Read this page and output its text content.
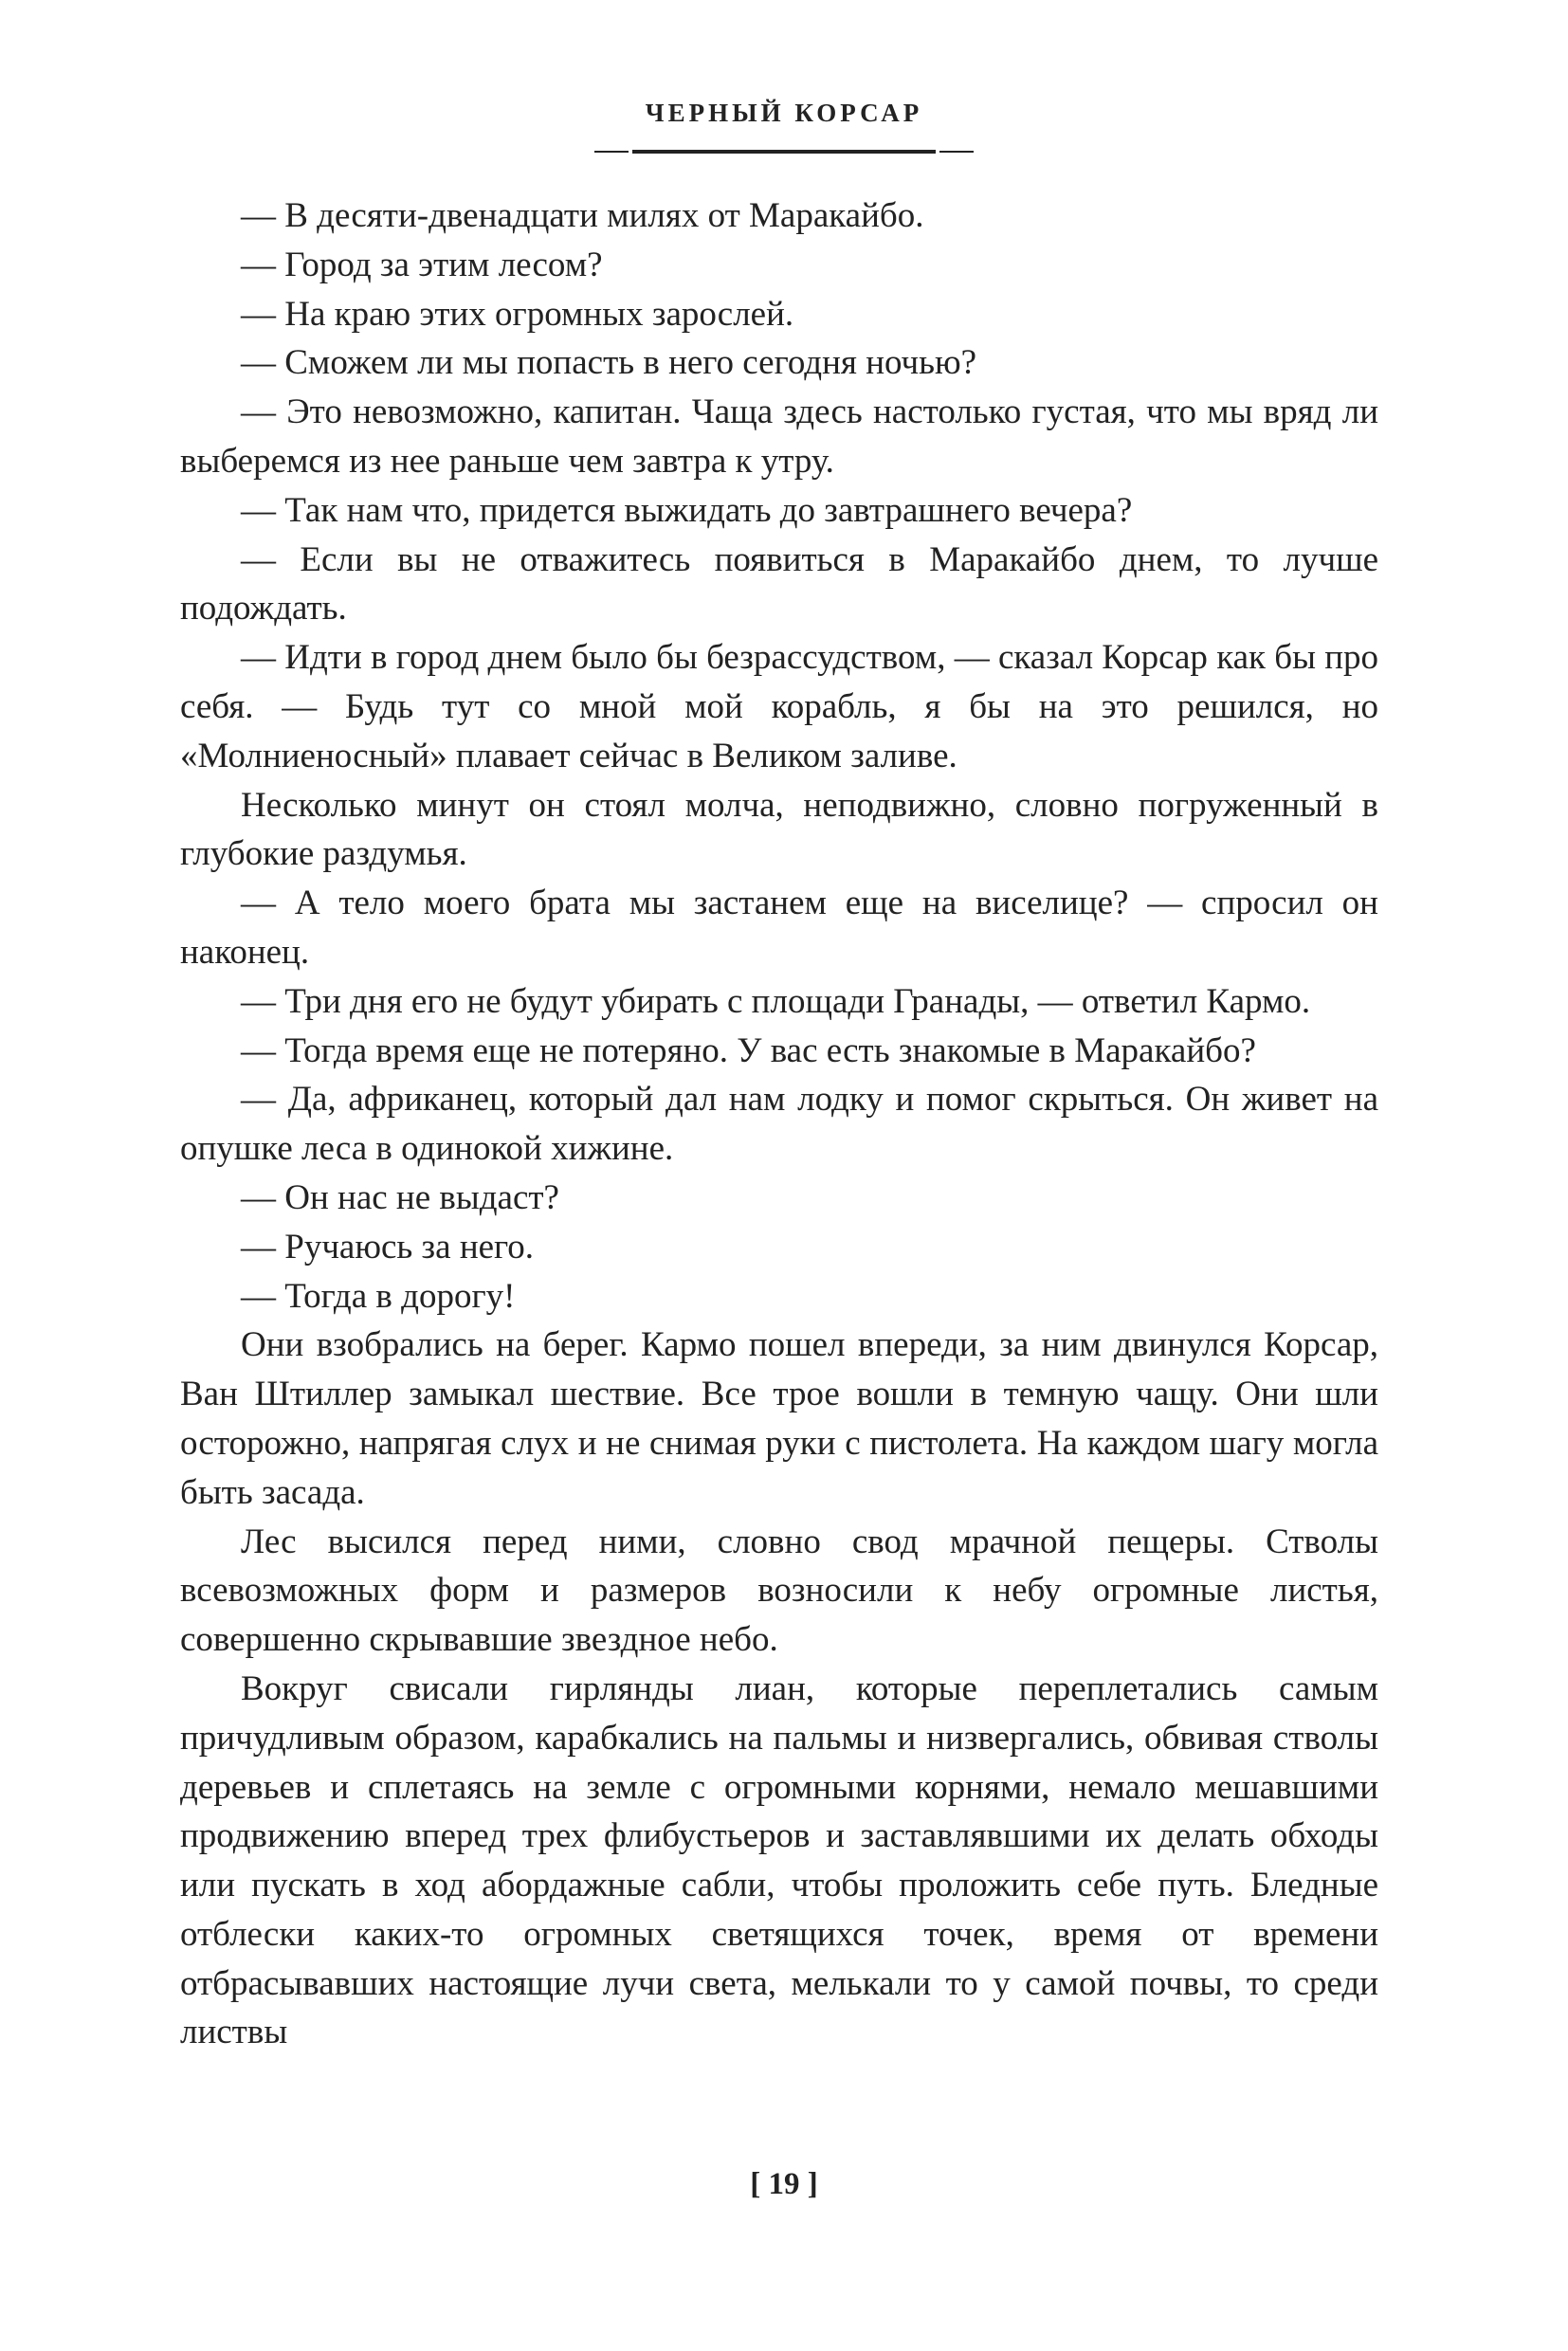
ЧЕРНЫЙ КОРСАР

— В десяти-двенадцати милях от Маракайбо.

— Город за этим лесом?

— На краю этих огромных зарослей.

— Сможем ли мы попасть в него сегодня ночью?

— Это невозможно, капитан. Чаща здесь настолько густая, что мы вряд ли выберемся из нее раньше чем завтра к утру.

— Так нам что, придется выжидать до завтрашнего вечера?

— Если вы не отважитесь появиться в Маракайбо днем, то лучше подождать.

— Идти в город днем было бы безрассудством, — сказал Корсар как бы про себя. — Будь тут со мной мой корабль, я бы на это решился, но «Молниеносный» плавает сейчас в Великом заливе.

Несколько минут он стоял молча, неподвижно, словно погруженный в глубокие раздумья.

— А тело моего брата мы застанем еще на виселице? — спросил он наконец.

— Три дня его не будут убирать с площади Гранады, — ответил Кармо.

— Тогда время еще не потеряно. У вас есть знакомые в Маракайбо?

— Да, африканец, который дал нам лодку и помог скрыться. Он живет на опушке леса в одинокой хижине.

— Он нас не выдаст?

— Ручаюсь за него.

— Тогда в дорогу!

Они взобрались на берег. Кармо пошел впереди, за ним двинулся Корсар, Ван Штиллер замыкал шествие. Все трое вошли в темную чащу. Они шли осторожно, напрягая слух и не снимая руки с пистолета. На каждом шагу могла быть засада.

Лес высился перед ними, словно свод мрачной пещеры. Стволы всевозможных форм и размеров возносили к небу огромные листья, совершенно скрывавшие звездное небо.

Вокруг свисали гирлянды лиан, которые переплетались самым причудливым образом, карабкались на пальмы и низвергались, обвивая стволы деревьев и сплетаясь на земле с огромными корнями, немало мешавшими продвижению вперед трех флибустьеров и заставлявшими их делать обходы или пускать в ход абордажные сабли, чтобы проложить себе путь. Бледные отблески каких-то огромных светящихся точек, время от времени отбрасывавших настоящие лучи света, мелькали то у самой почвы, то среди листвы

[ 19 ]
